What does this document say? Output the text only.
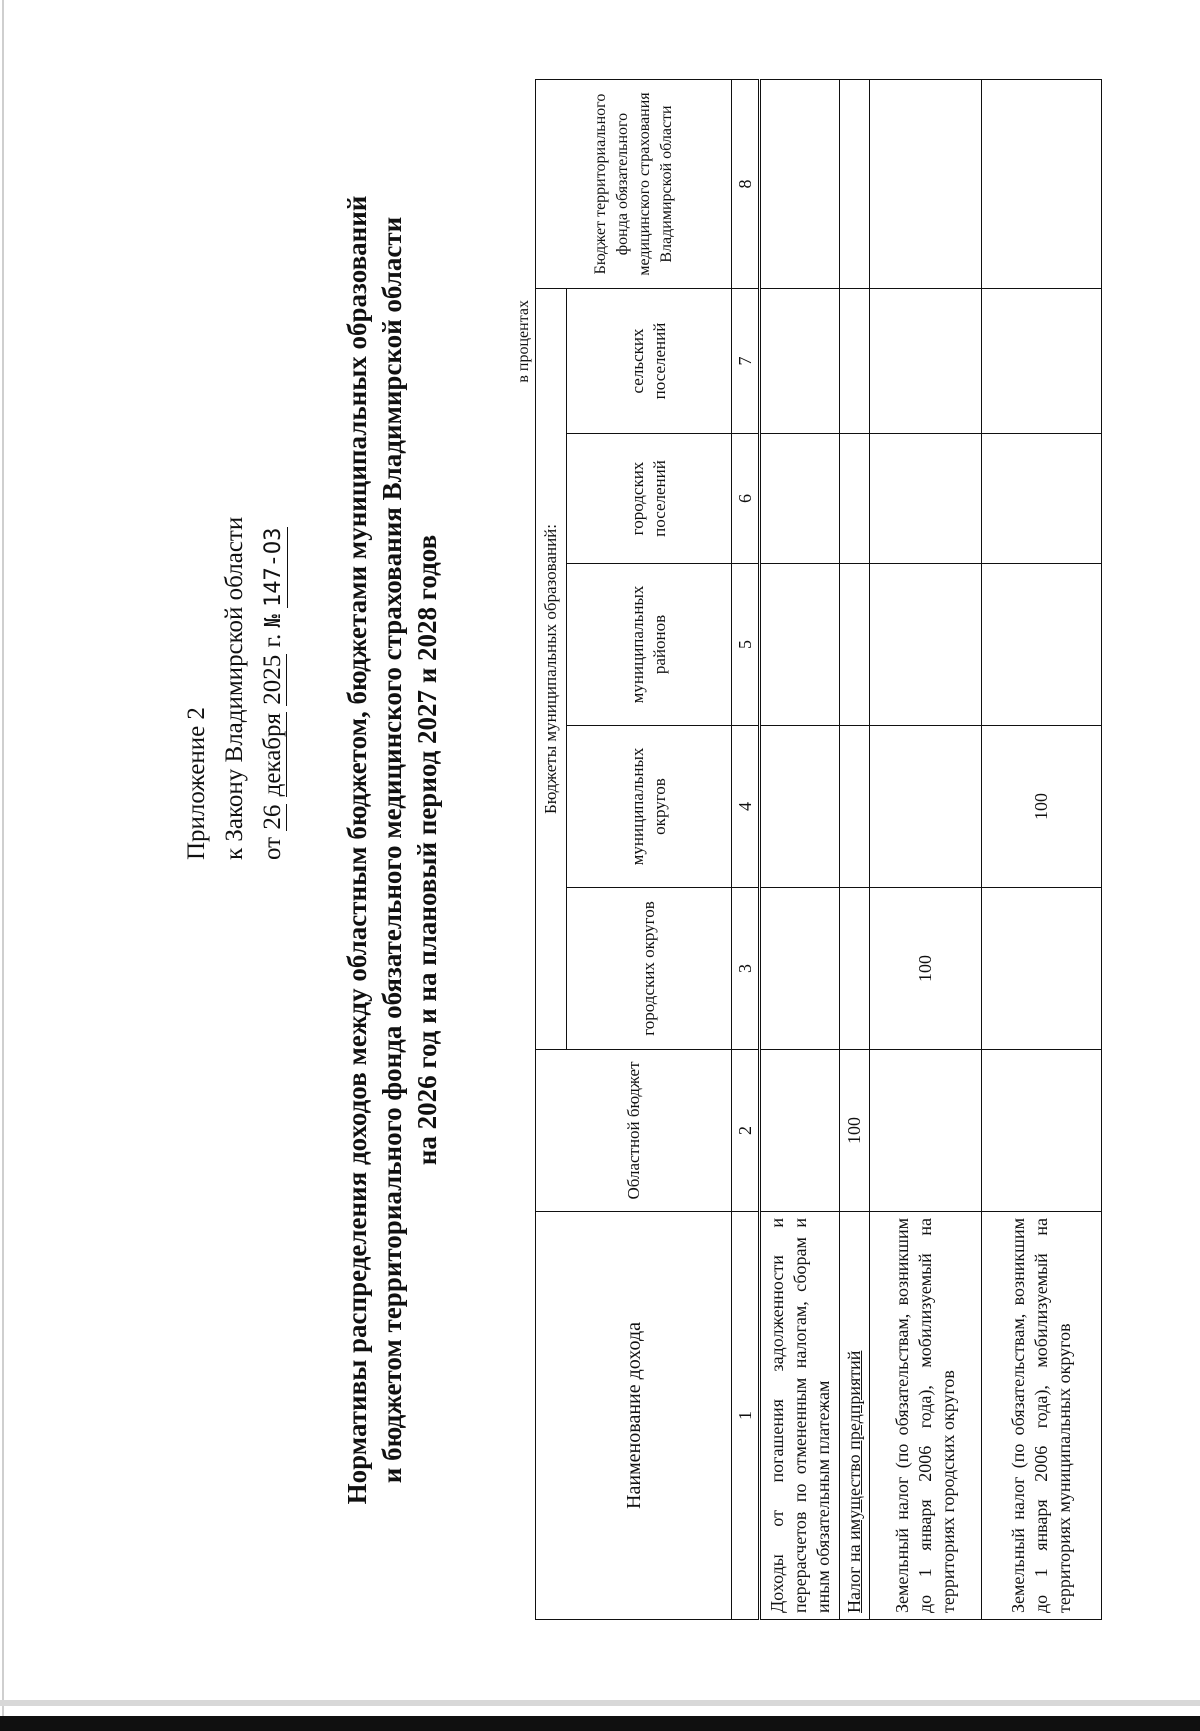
Приложение 2 к Закону Владимирской области от 26 декабря 2025 г. № 147-ОЗ Нормативы распределения доходов между областным бюджетом, бюджетами муниципальных образований и бюджетом территориального фонда обязательного медицинского страхования Владимирской области на 2026 год и на плановый период 2027 и 2028 годов
в процентах
Наименование дохода	Областной бюджет	Бюджеты муниципальных образований:					Бюджет территориального фонда обязательного медицинского страхования Владимирской области
		городских округов	муниципальных округов	муниципальных районов	городских поселений	сельских поселений	
1	2	3	4	5	6	7	8
Доходы от погашения задолженности и перерасчетов по отмененным налогам, сборам и иным обязательным платежам							
Налог на имущество предприятий	100						
Земельный налог (по обязательствам, возникшим до 1 января 2006 года), мобилизуемый на территориях городских округов		100					
Земельный налог (по обязательствам, возникшим до 1 января 2006 года), мобилизуемый на территориях муниципальных округов			100				
